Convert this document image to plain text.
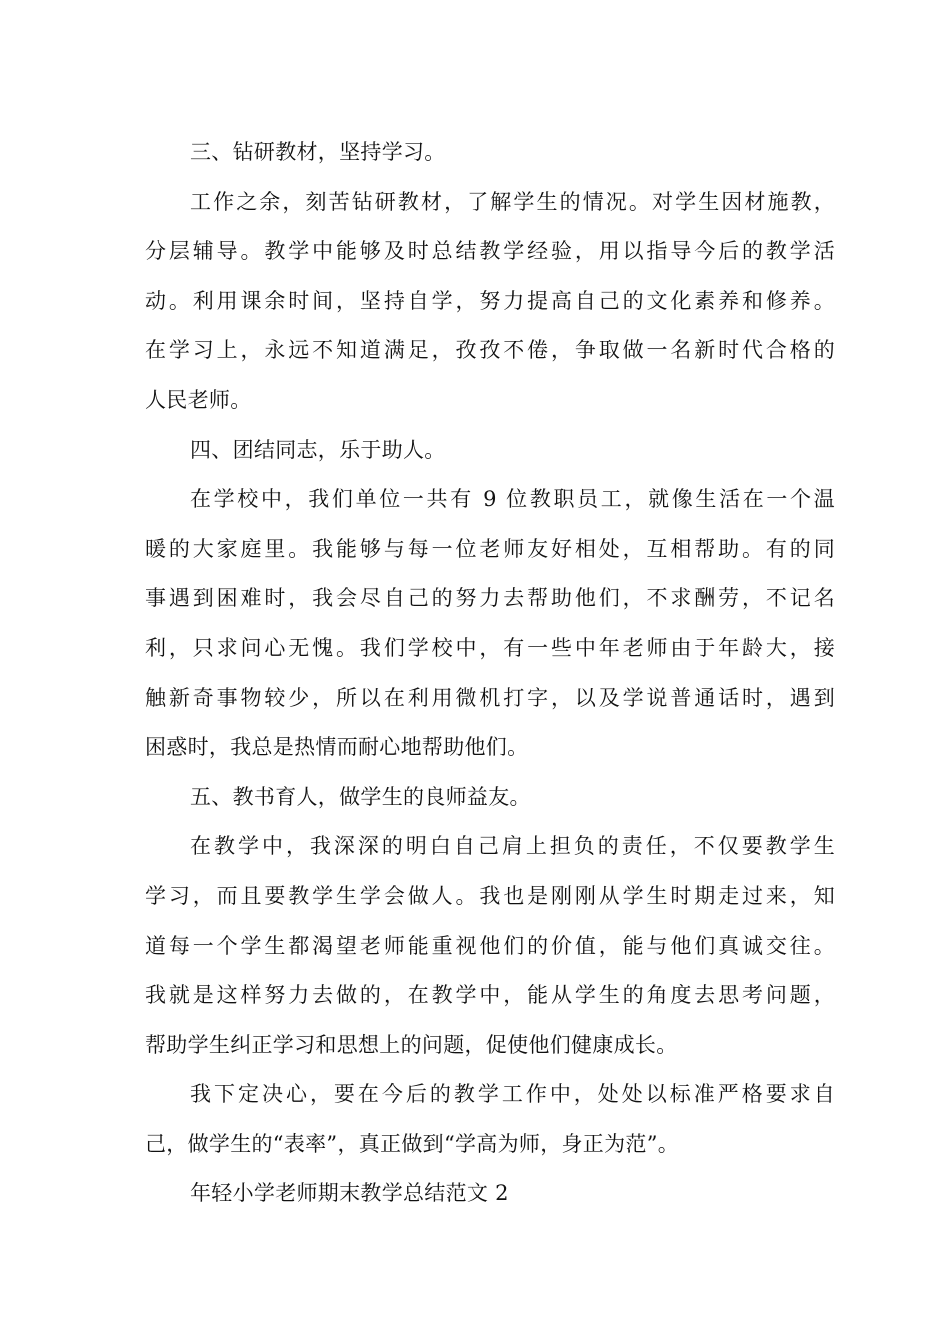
三、钻研教材，坚持学习。
工作之余，刻苦钻研教材，了解学生的情况。对学生因材施教，
分层辅导。教学中能够及时总结教学经验，用以指导今后的教学活
动。利用课余时间，坚持自学，努力提高自己的文化素养和修养。
在学习上，永远不知道满足，孜孜不倦，争取做一名新时代合格的
人民老师。
四、团结同志，乐于助人。
在学校中，我们单位一共有 9 位教职员工，就像生活在一个温
暖的大家庭里。我能够与每一位老师友好相处，互相帮助。有的同
事遇到困难时，我会尽自己的努力去帮助他们，不求酬劳，不记名
利，只求问心无愧。我们学校中，有一些中年老师由于年龄大，接
触新奇事物较少，所以在利用微机打字，以及学说普通话时，遇到
困惑时，我总是热情而耐心地帮助他们。
五、教书育人，做学生的良师益友。
在教学中，我深深的明白自己肩上担负的责任，不仅要教学生
学习，而且要教学生学会做人。我也是刚刚从学生时期走过来，知
道每一个学生都渴望老师能重视他们的价值，能与他们真诚交往。
我就是这样努力去做的，在教学中，能从学生的角度去思考问题，
帮助学生纠正学习和思想上的问题，促使他们健康成长。
我下定决心，要在今后的教学工作中，处处以标准严格要求自
己，做学生的“表率”，真正做到“学高为师，身正为范”。
年轻小学老师期末教学总结范文 2
